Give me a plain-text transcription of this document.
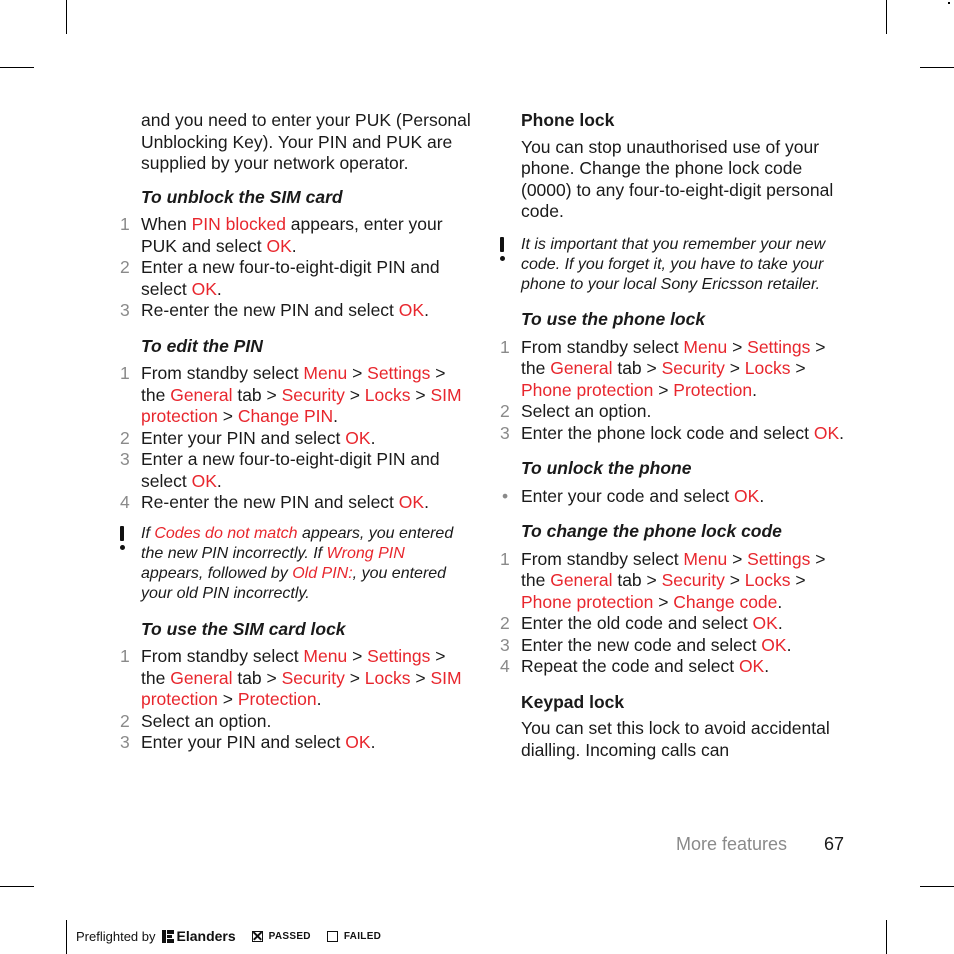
and you need to enter your PUK (Personal Unblocking Key). Your PIN and PUK are supplied by your network operator.

To unblock the SIM card

1 When PIN blocked appears, enter your PUK and select OK.
2 Enter a new four-to-eight-digit PIN and select OK.
3 Re-enter the new PIN and select OK.

To edit the PIN

1 From standby select Menu > Settings > the General tab > Security > Locks > SIM protection > Change PIN.
2 Enter your PIN and select OK.
3 Enter a new four-to-eight-digit PIN and select OK.
4 Re-enter the new PIN and select OK.

If Codes do not match appears, you entered the new PIN incorrectly. If Wrong PIN appears, followed by Old PIN:, you entered your old PIN incorrectly.

To use the SIM card lock

1 From standby select Menu > Settings > the General tab > Security > Locks > SIM protection > Protection.
2 Select an option.
3 Enter your PIN and select OK.

Phone lock

You can stop unauthorised use of your phone. Change the phone lock code (0000) to any four-to-eight-digit personal code.

It is important that you remember your new code. If you forget it, you have to take your phone to your local Sony Ericsson retailer.

To use the phone lock

1 From standby select Menu > Settings > the General tab > Security > Locks > Phone protection > Protection.
2 Select an option.
3 Enter the phone lock code and select OK.

To unlock the phone

• Enter your code and select OK.

To change the phone lock code

1 From standby select Menu > Settings > the General tab > Security > Locks > Phone protection > Change code.
2 Enter the old code and select OK.
3 Enter the new code and select OK.
4 Repeat the code and select OK.

Keypad lock

You can set this lock to avoid accidental dialling. Incoming calls can

More features 67
Preflighted by Elanders	PASSED	FAILED
